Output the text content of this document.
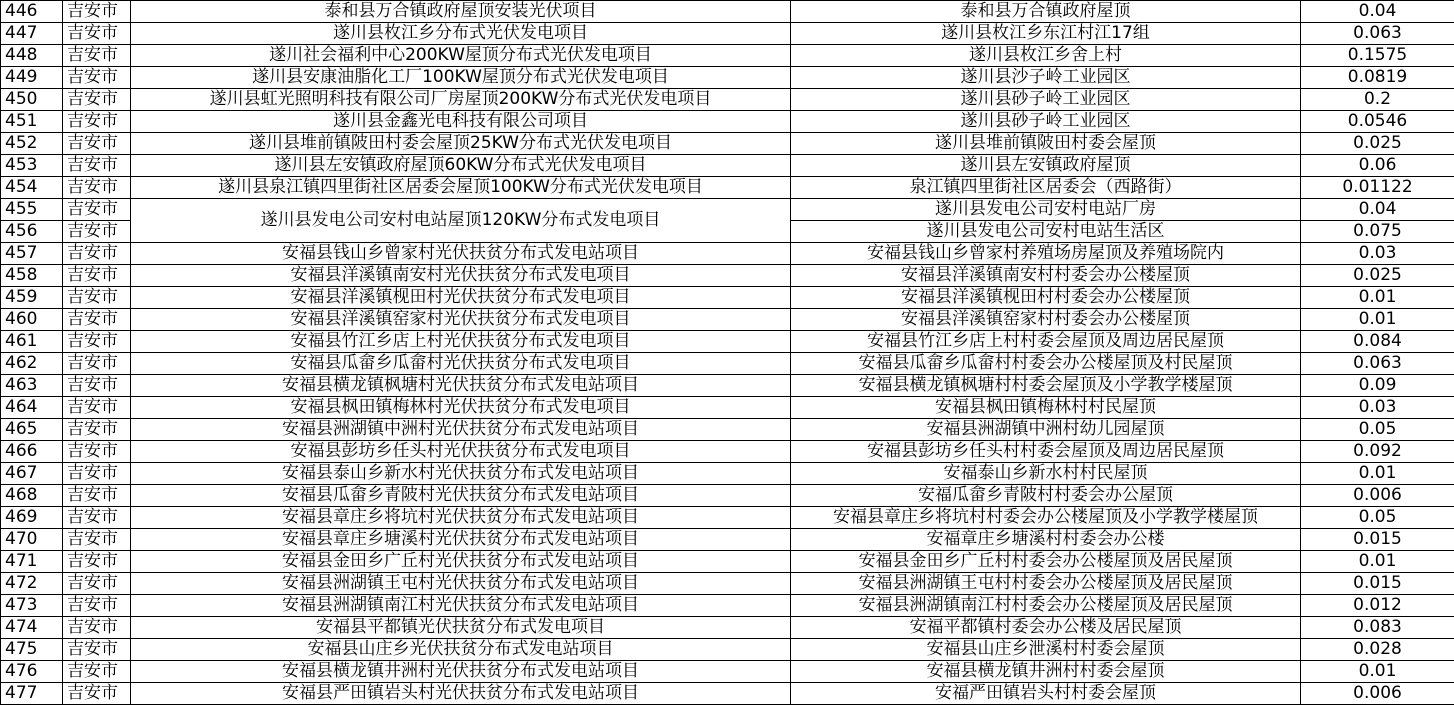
446	吉安市	泰和县万合镇政府屋顶安装光伏项目	泰和县万合镇政府屋顶	0.04
447	吉安市	遂川县枚江乡分布式光伏发电项目	遂川县枚江乡东江村江17组	0.063
448	吉安市	遂川社会福利中心200KW屋顶分布式光伏发电项目	遂川县枚江乡舍上村	0.1575
449	吉安市	遂川县安康油脂化工厂100KW屋顶分布式光伏发电项目	遂川县沙子岭工业园区	0.0819
450	吉安市	遂川县虹光照明科技有限公司厂房屋顶200KW分布式光伏发电项目	遂川县砂子岭工业园区	0.2
451	吉安市	遂川县金鑫光电科技有限公司项目	遂川县砂子岭工业园区	0.0546
452	吉安市	遂川县堆前镇陂田村委会屋顶25KW分布式光伏发电项目	遂川县堆前镇陂田村委会屋顶	0.025
453	吉安市	遂川县左安镇政府屋顶60KW分布式光伏发电项目	遂川县左安镇政府屋顶	0.06
454	吉安市	遂川县泉江镇四里街社区居委会屋顶100KW分布式光伏发电项目	泉江镇四里街社区居委会（西路街）	0.01122
455	吉安市	遂川县发电公司安村电站屋顶120KW分布式发电项目	遂川县发电公司安村电站厂房	0.04
456	吉安市		遂川县发电公司安村电站生活区	0.075
457	吉安市	安福县钱山乡曾家村光伏扶贫分布式发电站项目	安福县钱山乡曾家村养殖场房屋顶及养殖场院内	0.03
458	吉安市	安福县洋溪镇南安村光伏扶贫分布式发电项目	安福县洋溪镇南安村村委会办公楼屋顶	0.025
459	吉安市	安福县洋溪镇枧田村光伏扶贫分布式发电项目	安福县洋溪镇枧田村村委会办公楼屋顶	0.01
460	吉安市	安福县洋溪镇窑家村光伏扶贫分布式发电项目	安福县洋溪镇窑家村村委会办公楼屋顶	0.01
461	吉安市	安福县竹江乡店上村光伏扶贫分布式发电项目	安福县竹江乡店上村村委会屋顶及周边居民屋顶	0.084
462	吉安市	安福县瓜畲乡瓜畲村光伏扶贫分布式发电项目	安福县瓜畲乡瓜畲村村委会办公楼屋顶及村民屋顶	0.063
463	吉安市	安福县横龙镇枫塘村光伏扶贫分布式发电站项目	安福县横龙镇枫塘村村委会屋顶及小学教学楼屋顶	0.09
464	吉安市	安福县枫田镇梅林村光伏扶贫分布式发电项目	安福县枫田镇梅林村村民屋顶	0.03
465	吉安市	安福县洲湖镇中洲村光伏扶贫分布式发电站项目	安福县洲湖镇中洲村幼儿园屋顶	0.05
466	吉安市	安福县彭坊乡任头村光伏扶贫分布式发电项目	安福县彭坊乡任头村村委会屋顶及周边居民屋顶	0.092
467	吉安市	安福县泰山乡新水村光伏扶贫分布式发电站项目	安福泰山乡新水村村民屋顶	0.01
468	吉安市	安福县瓜畲乡青陂村光伏扶贫分布式发电站项目	安福瓜畲乡青陂村村委会办公屋顶	0.006
469	吉安市	安福县章庄乡将坑村光伏扶贫分布式发电站项目	安福县章庄乡将坑村村委会办公楼屋顶及小学教学楼屋顶	0.05
470	吉安市	安福县章庄乡塘溪村光伏扶贫分布式发电站项目	安福章庄乡塘溪村村委会办公楼	0.015
471	吉安市	安福县金田乡广丘村光伏扶贫分布式发电站项目	安福县金田乡广丘村村委会办公楼屋顶及居民屋顶	0.01
472	吉安市	安福县洲湖镇王屯村光伏扶贫分布式发电站项目	安福县洲湖镇王屯村村委会办公楼屋顶及居民屋顶	0.015
473	吉安市	安福县洲湖镇南江村光伏扶贫分布式发电站项目	安福县洲湖镇南江村村委会办公楼屋顶及居民屋顶	0.012
474	吉安市	安福县平都镇光伏扶贫分布式发电项目	安福平都镇村委会办公楼及居民屋顶	0.083
475	吉安市	安福县山庄乡光伏扶贫分布式发电站项目	安福县山庄乡泄溪村村委会屋顶	0.028
476	吉安市	安福县横龙镇井洲村光伏扶贫分布式发电站项目	安福县横龙镇井洲村村委会屋顶	0.01
477	吉安市	安福县严田镇岩头村光伏扶贫分布式发电站项目	安福严田镇岩头村村委会屋顶	0.006
